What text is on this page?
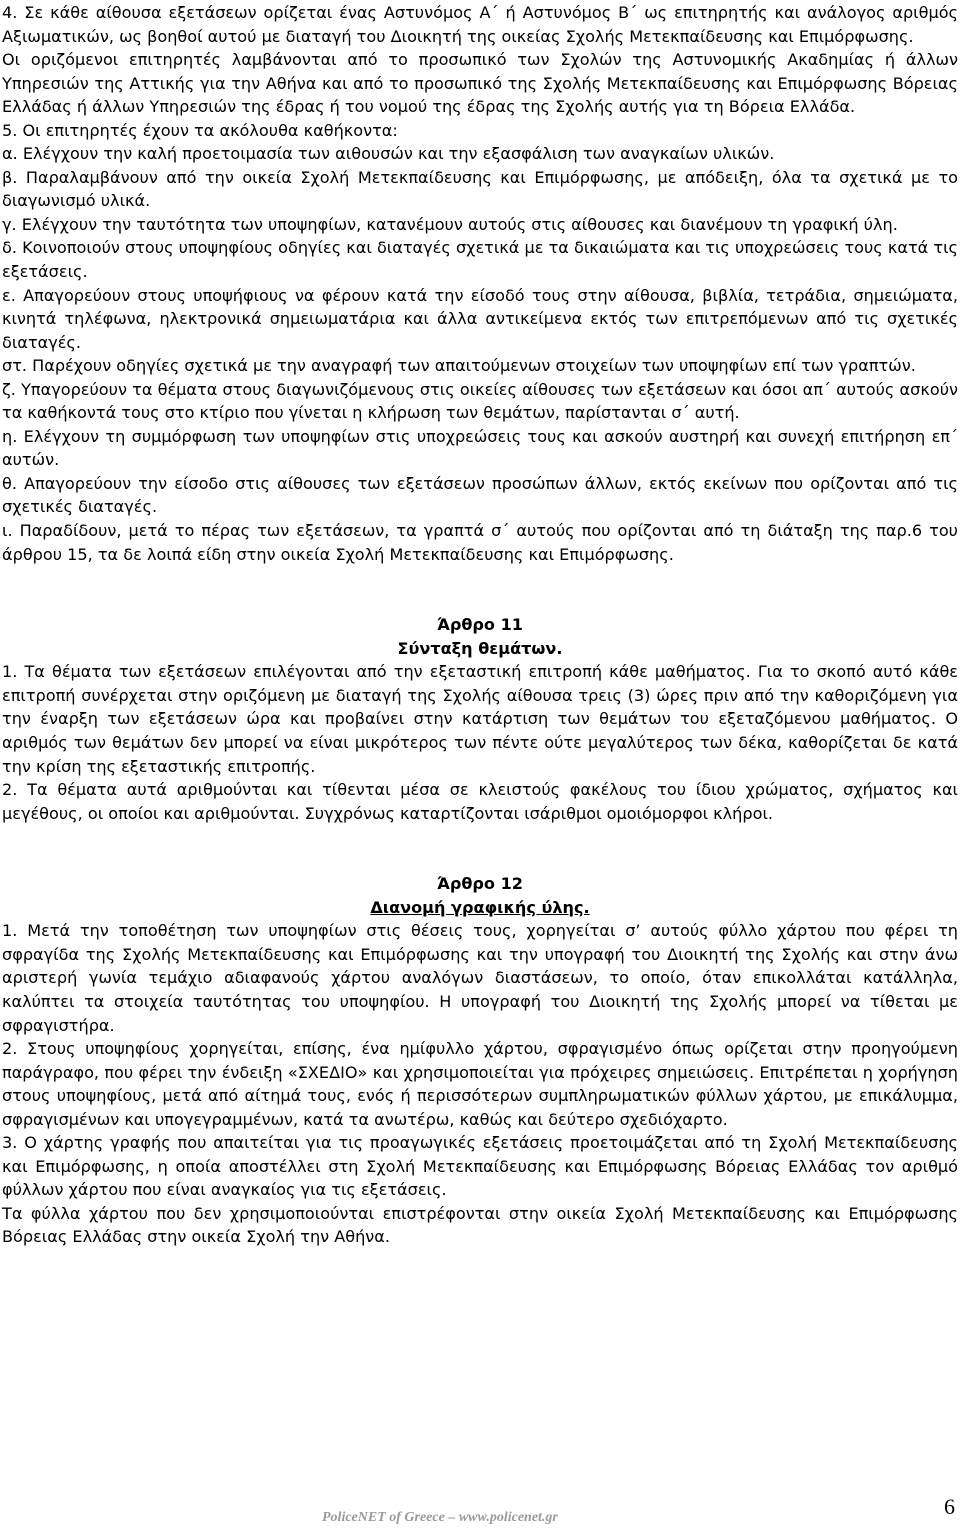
4. Σε κάθε αίθουσα εξετάσεων ορίζεται ένας Αστυνόμος Α΄ ή Αστυνόμος Β΄ ως επιτηρητής και ανάλογος αριθμός Αξιωματικών, ως βοηθοί αυτού με διαταγή του Διοικητή της οικείας Σχολής Μετεκπαίδευσης και Επιμόρφωσης.

Οι οριζόμενοι επιτηρητές λαμβάνονται από το προσωπικό των Σχολών της Αστυνομικής Ακαδημίας ή άλλων Υπηρεσιών της Αττικής για την Αθήνα και από το προσωπικό της Σχολής Μετεκπαίδευσης και Επιμόρφωσης Βόρειας Ελλάδας ή άλλων Υπηρεσιών της έδρας ή του νομού της έδρας της Σχολής αυτής για τη Βόρεια Ελλάδα.

5. Οι επιτηρητές έχουν τα ακόλουθα καθήκοντα:

α. Ελέγχουν την καλή προετοιμασία των αιθουσών και την εξασφάλιση των αναγκαίων υλικών.

β. Παραλαμβάνουν από την οικεία Σχολή Μετεκπαίδευσης και Επιμόρφωσης, με απόδειξη, όλα τα σχετικά με το διαγωνισμό υλικά.

γ. Ελέγχουν την ταυτότητα των υποψηφίων, κατανέμουν αυτούς στις αίθουσες και διανέμουν τη γραφική ύλη.

δ. Κοινοποιούν στους υποψηφίους οδηγίες και διαταγές σχετικά με τα δικαιώματα και τις υποχρεώσεις τους κατά τις εξετάσεις.

ε. Απαγορεύουν στους υποψήφιους να φέρουν κατά την είσοδό τους στην αίθουσα, βιβλία, τετράδια, σημειώματα, κινητά τηλέφωνα, ηλεκτρονικά σημειωματάρια και άλλα αντικείμενα εκτός των επιτρεπόμενων από τις σχετικές διαταγές.

στ. Παρέχουν οδηγίες σχετικά με την αναγραφή των απαιτούμενων στοιχείων των υποψηφίων επί των γραπτών.

ζ. Υπαγορεύουν τα θέματα στους διαγωνιζόμενους στις οικείες αίθουσες των εξετάσεων και όσοι απ΄ αυτούς ασκούν τα καθήκοντά τους στο κτίριο που γίνεται η κλήρωση των θεμάτων, παρίστανται σ΄ αυτή.

η. Ελέγχουν τη συμμόρφωση των υποψηφίων στις υποχρεώσεις τους και ασκούν αυστηρή και συνεχή επιτήρηση επ΄ αυτών.

θ. Απαγορεύουν την είσοδο στις αίθουσες των εξετάσεων προσώπων άλλων, εκτός εκείνων που ορίζονται από τις σχετικές διαταγές.

ι. Παραδίδουν, μετά το πέρας των εξετάσεων, τα γραπτά σ΄ αυτούς που ορίζονται από τη διάταξη της παρ.6 του άρθρου 15, τα δε λοιπά είδη στην οικεία Σχολή Μετεκπαίδευσης και Επιμόρφωσης.

Άρθρο 11

Σύνταξη θεμάτων.

1. Τα θέματα των εξετάσεων επιλέγονται από την εξεταστική επιτροπή κάθε μαθήματος. Για το σκοπό αυτό κάθε επιτροπή συνέρχεται στην οριζόμενη με διαταγή της Σχολής αίθουσα τρεις (3) ώρες πριν από την καθοριζόμενη για την έναρξη των εξετάσεων ώρα και προβαίνει στην κατάρτιση των θεμάτων του εξεταζόμενου μαθήματος. Ο αριθμός των θεμάτων δεν μπορεί να είναι μικρότερος των πέντε ούτε μεγαλύτερος των δέκα, καθορίζεται δε κατά την κρίση της εξεταστικής επιτροπής.

2. Τα θέματα αυτά αριθμούνται και τίθενται μέσα σε κλειστούς φακέλους του ίδιου χρώματος, σχήματος και μεγέθους, οι οποίοι και αριθμούνται. Συγχρόνως καταρτίζονται ισάριθμοι ομοιόμορφοι κλήροι.

Άρθρο 12

Διανομή γραφικής ύλης.

1. Μετά την τοποθέτηση των υποψηφίων στις θέσεις τους, χορηγείται σ’ αυτούς φύλλο χάρτου που φέρει τη σφραγίδα της Σχολής Μετεκπαίδευσης και Επιμόρφωσης και την υπογραφή του Διοικητή της Σχολής και στην άνω αριστερή γωνία τεμάχιο αδιαφανούς χάρτου αναλόγων διαστάσεων, το οποίο, όταν επικολλάται κατάλληλα, καλύπτει τα στοιχεία ταυτότητας του υποψηφίου. Η υπογραφή του Διοικητή της Σχολής μπορεί να τίθεται με σφραγιστήρα.

2. Στους υποψηφίους χορηγείται, επίσης, ένα ημίφυλλο χάρτου, σφραγισμένο όπως ορίζεται στην προηγούμενη παράγραφο, που φέρει την ένδειξη «ΣΧΕΔΙΟ» και χρησιμοποιείται για πρόχειρες σημειώσεις. Επιτρέπεται η χορήγηση στους υποψηφίους, μετά από αίτημά τους, ενός ή περισσότερων συμπληρωματικών φύλλων χάρτου, με επικάλυμμα, σφραγισμένων και υπογεγραμμένων, κατά τα ανωτέρω, καθώς και δεύτερο σχεδιόχαρτο.

3. Ο χάρτης γραφής που απαιτείται για τις προαγωγικές εξετάσεις προετοιμάζεται από τη Σχολή Μετεκπαίδευσης και Επιμόρφωσης, η οποία αποστέλλει στη Σχολή Μετεκπαίδευσης και Επιμόρφωσης Βόρειας Ελλάδας τον αριθμό φύλλων χάρτου που είναι αναγκαίος για τις εξετάσεις.

Τα φύλλα χάρτου που δεν χρησιμοποιούνται επιστρέφονται στην οικεία Σχολή Μετεκπαίδευσης και Επιμόρφωσης Βόρειας Ελλάδας στην οικεία Σχολή την Αθήνα.

PoliceNET of Greece – www.policenet.gr	6
